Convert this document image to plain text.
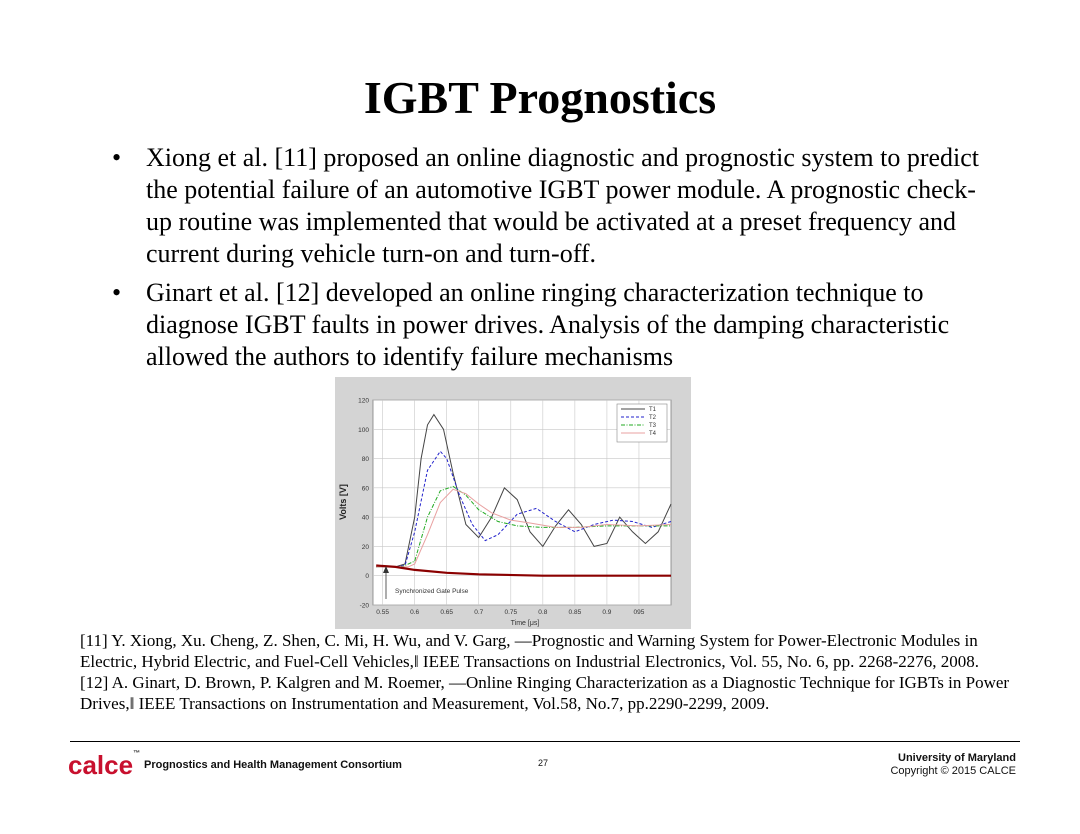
IGBT Prognostics
• Xiong et al. [11] proposed an online diagnostic and prognostic system to predict the potential failure of an automotive IGBT power module. A prognostic check-up routine was implemented that would be activated at a preset frequency and current during vehicle turn-on and turn-off.
• Ginart et al. [12] developed an online ringing characterization technique to diagnose IGBT faults in power drives. Analysis of the damping characteristic allowed the authors to identify failure mechanisms
-20
0
20
40
60
80
100
120
0.55	0.6	0.65	0.7	0.75	0.8	0.85	0.9	095
T1
T2
T3
T4
Volts [V]
Time [μs]
Synchronized Gate Pulse

[11] Y. Xiong, Xu. Cheng, Z. Shen, C. Mi, H. Wu, and V. Garg, ―Prognostic and Warning System for Power-Electronic Modules in Electric, Hybrid Electric, and Fuel-Cell Vehicles,‖ IEEE Transactions on Industrial Electronics, Vol. 55, No. 6, pp. 2268-2276, 2008.

[12] A. Ginart, D. Brown, P. Kalgren and M. Roemer, ―Online Ringing Characterization as a Diagnostic Technique for IGBTs in Power Drives,‖ IEEE Transactions on Instrumentation and Measurement, Vol.58, No.7, pp.2290-2299, 2009.

calce™
Prognostics and Health Management Consortium	27	University of Maryland
Copyright © 2015 CALCE
